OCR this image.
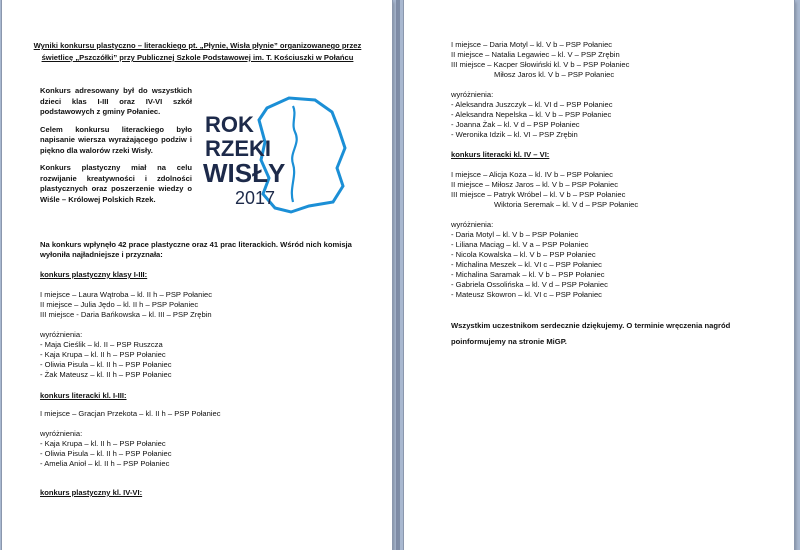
Wyniki konkursu plastyczno – literackiego pt. „Płynie, Wisła płynie” organizowanego przez
świetlicę „Pszczółki” przy Publicznej Szkole Podstawowej im. T. Kościuszki w Połańcu

Konkurs adresowany był do wszystkich dzieci klas I-III oraz IV-VI szkół podstawowych z gminy Połaniec.

Celem konkursu literackiego było napisanie wiersza wyrażającego podziw i piękno dla walorów rzeki Wisły.

Konkurs plastyczny miał na celu rozwijanie kreatywności i zdolności plastycznych oraz poszerzenie wiedzy o Wiśle – Królowej Polskich Rzek.

ROK
RZEKI
WISŁY
2017
Na konkurs wpłynęło 42 prace plastyczne oraz 41 prac literackich. Wśród nich komisja
wyłoniła najładniejsze i przyznała:
konkurs plastyczny klasy I-III:
I miejsce – Laura Wątroba – kl. II h – PSP Połaniec
II miejsce – Julia Jędo – kl. II h – PSP Połaniec
III miejsce - Daria Bańkowska – kl. III – PSP Zrębin
wyróżnienia:
- Maja Cieślik – kl. II – PSP Ruszcza
- Kaja Krupa – kl. II h – PSP Połaniec
- Oliwia Pisula – kl. II h – PSP Połaniec
- Żak Mateusz – kl. II h – PSP Połaniec
konkurs literacki kl. I-III:
I miejsce – Gracjan Przekota – kl. II h – PSP Połaniec
wyróżnienia:
- Kaja Krupa – kl. II h – PSP Połaniec
- Oliwia Pisula – kl. II h – PSP Połaniec
- Amelia Anioł – kl. II h – PSP Połaniec
konkurs plastyczny kl. IV-VI:
I miejsce – Daria Motyl – kl. V b – PSP Połaniec
II miejsce – Natalia Legawiec – kl. V – PSP Zrębin
III miejsce – Kacper Słowiński kl. V b – PSP Połaniec
Miłosz Jaros kl. V b – PSP Połaniec
wyróżnienia:
- Aleksandra Juszczyk – kl. VI d – PSP Połaniec
- Aleksandra Nepelska – kl. V b – PSP Połaniec
- Joanna Żak – kl. V d – PSP Połaniec
- Weronika Idzik – kl. VI – PSP Zrębin
konkurs literacki kl. IV – VI:
I miejsce – Alicja Koza – kl. IV b – PSP Połaniec
II miejsce – Miłosz Jaros – kl. V b – PSP Połaniec
III miejsce – Patryk Wróbel – kl. V b – PSP Połaniec
Wiktoria Seremak – kl. V d – PSP Połaniec
wyróżnienia:
- Daria Motyl – kl. V b – PSP Połaniec
- Liliana Maciąg – kl. V a – PSP Połaniec
- Nicola Kowalska – kl. V b – PSP Połaniec
- Michalina Meszek – kl. VI c – PSP Połaniec
- Michalina Saramak – kl. V b – PSP Połaniec
- Gabriela Ossolińska – kl. V d – PSP Połaniec
- Mateusz Skowron – kl. VI c – PSP Połaniec
Wszystkim uczestnikom serdecznie dziękujemy. O terminie wręczenia nagród
poinformujemy na stronie MiGP.
